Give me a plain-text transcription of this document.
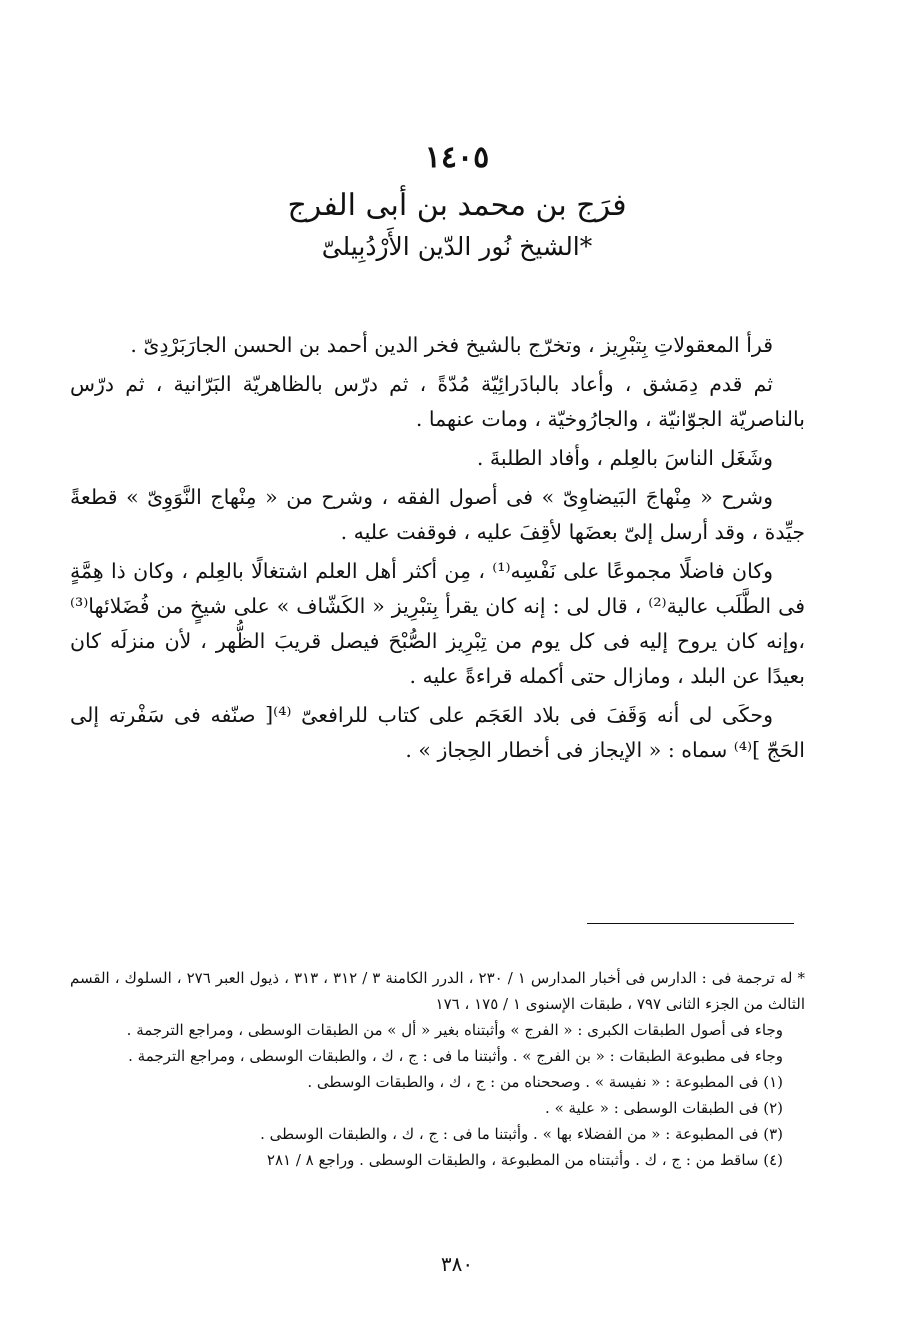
١٤٠٥
فرَج بن محمد بن أبى الفرج
الشيخ نُور الدّين الأَرْدُبِيلىّ*

قرأ المعقولاتِ بِتبْرِيز ، وتخرّج بالشيخ فخر الدين أحمد بن الحسن الجارَبَرْدِىّ .

ثم قدم دِمَشق ، وأعاد بالبادَرائِيّة مُدّةً ، ثم درّس بالظاهريّة البَرّانية ، ثم درّس بالناصريّة الجوّانيّة ، والجارُوخيّة ، ومات عنهما .

وشَغَل الناسَ بالعِلم ، وأفاد الطلبةَ .

وشرح « مِنْهاجَ البَيضاوِىّ » فى أصول الفقه ، وشرح من « مِنْهاج النَّوَوِىّ » قطعةً جيِّدة ، وقد أرسل إلىّ بعضَها لأقِفَ عليه ، فوقفت عليه .

وكان فاضلًا مجموعًا على نَفْسِه⁽¹⁾ ، مِن أكثر أهل العلم اشتغالًا بالعِلم ، وكان ذا هِمَّةٍ فى الطَّلَب عالية⁽²⁾ ، قال لى : إنه كان يقرأ بِتبْرِيز « الكَشّاف » على شيخٍ من فُضَلائها⁽³⁾ ،وإنه كان يروح إليه فى كل يوم من تِبْرِيز الصُّبْحَ فيصل قريبَ الظُّهر ، لأن منزلَه كان بعيدًا عن البلد ، ومازال حتى أكمله قراءةً عليه .

وحكَى لى أنه وَقَفَ فى بلاد العَجَم على كتاب للرافعىّ ⁽⁴⁾[ صنّفه فى سَفْرته إلى الحَجّ ]⁽⁴⁾ سماه : « الإيجاز فى أخطار الحِجاز » .

* له ترجمة فى : الدارس فى أخبار المدارس ١ / ٢٣٠ ، الدرر الكامنة ٣ / ٣١٢ ، ٣١٣ ، ذيول العبر ٢٧٦ ، السلوك ، القسم الثالث من الجزء الثانى ٧٩٧ ، طبقات الإسنوى ١ / ١٧٥ ، ١٧٦

وجاء فى أصول الطبقات الكبرى : « الفرج » وأثبتناه بغير « أل » من الطبقات الوسطى ، ومراجع الترجمة .

وجاء فى مطبوعة الطبقات : « بن الفرج » . وأثبتنا ما فى : ج ، ك ، والطبقات الوسطى ، ومراجع الترجمة .

(١) فى المطبوعة : « نفيسة » . وصححناه من : ج ، ك ، والطبقات الوسطى .

(٢) فى الطبقات الوسطى : « علية » .

(٣) فى المطبوعة : « من الفضلاء بها » . وأثبتنا ما فى : ج ، ك ، والطبقات الوسطى .

(٤) ساقط من : ج ، ك . وأثبتناه من المطبوعة ، والطبقات الوسطى . وراجع ٨ / ٢٨١

٣٨٠
